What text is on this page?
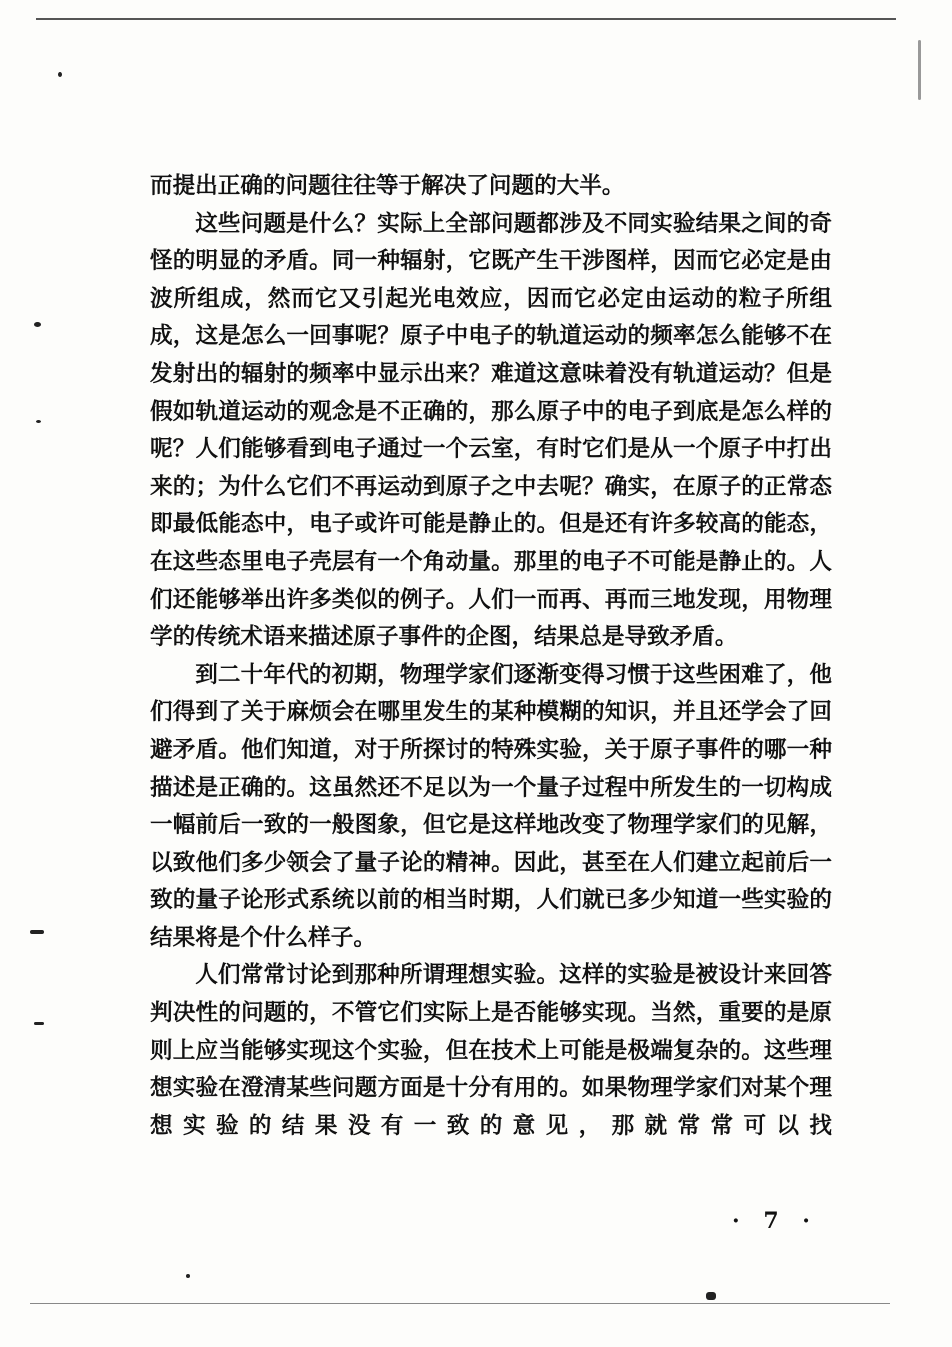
而提出正确的问题往往等于解决了问题的大半。

这些问题是什么？实际上全部问题都涉及不同实验结果之间的奇怪的明显的矛盾。同一种辐射，它既产生干涉图样，因而它必定是由波所组成，然而它又引起光电效应，因而它必定由运动的粒子所组成，这是怎么一回事呢？原子中电子的轨道运动的频率怎么能够不在发射出的辐射的频率中显示出来？难道这意味着没有轨道运动？但是假如轨道运动的观念是不正确的，那么原子中的电子到底是怎么样的呢？人们能够看到电子通过一个云室，有时它们是从一个原子中打出来的；为什么它们不再运动到原子之中去呢？确实，在原子的正常态即最低能态中，电子或许可能是静止的。但是还有许多较高的能态，在这些态里电子壳层有一个角动量。那里的电子不可能是静止的。人们还能够举出许多类似的例子。人们一而再、再而三地发现，用物理学的传统术语来描述原子事件的企图，结果总是导致矛盾。

到二十年代的初期，物理学家们逐渐变得习惯于这些困难了，他们得到了关于麻烦会在哪里发生的某种模糊的知识，并且还学会了回避矛盾。他们知道，对于所探讨的特殊实验，关于原子事件的哪一种描述是正确的。这虽然还不足以为一个量子过程中所发生的一切构成一幅前后一致的一般图象，但它是这样地改变了物理学家们的见解，以致他们多少领会了量子论的精神。因此，甚至在人们建立起前后一致的量子论形式系统以前的相当时期，人们就已多少知道一些实验的结果将是个什么样子。

人们常常讨论到那种所谓理想实验。这样的实验是被设计来回答判决性的问题的，不管它们实际上是否能够实现。当然，重要的是原则上应当能够实现这个实验，但在技术上可能是极端复杂的。这些理想实验在澄清某些问题方面是十分有用的。如果物理学家们对某个理想实验的结果没有一致的意见，那就常常可以找

· 7 ·
